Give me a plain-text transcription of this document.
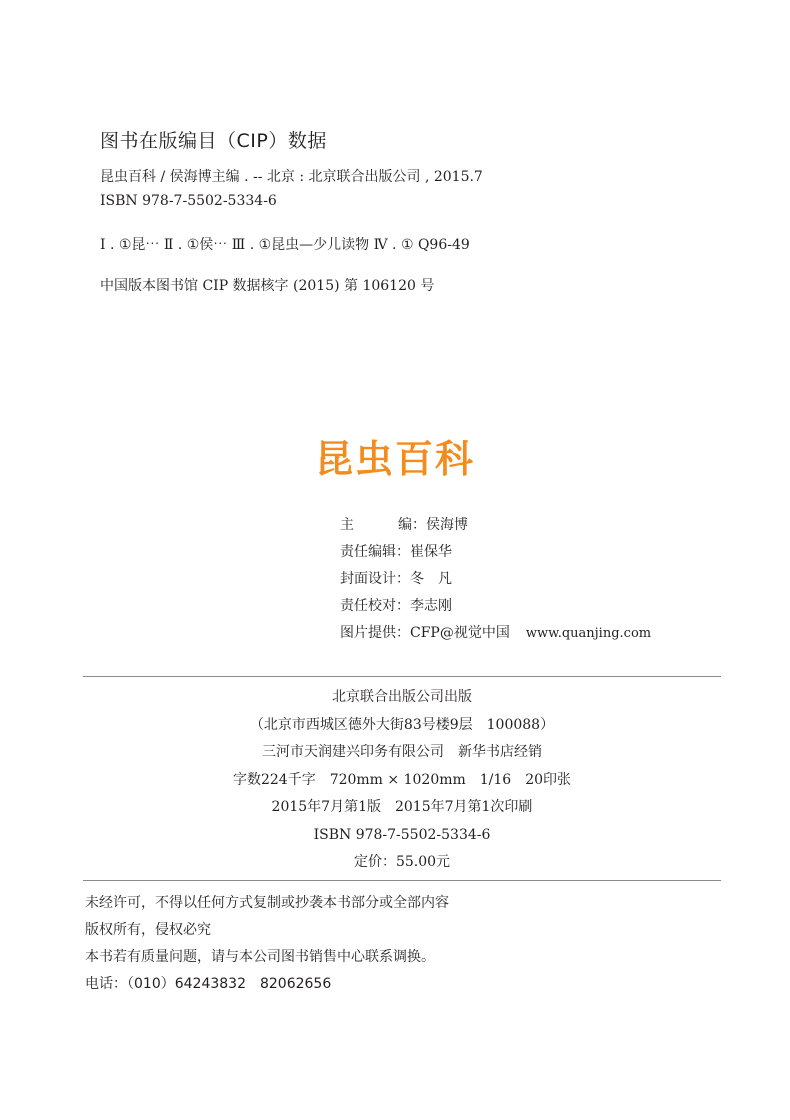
图书在版编目（CIP）数据
昆虫百科 / 侯海博主编 . -- 北京 : 北京联合出版公司 , 2015.7
ISBN 978-7-5502-5334-6
Ⅰ . ①昆⋯ Ⅱ . ①侯⋯ Ⅲ . ①昆虫—少儿读物 Ⅳ . ① Q96-49
中国版本图书馆 CIP 数据核字 (2015) 第 106120 号
昆虫百科
主	编 ： 侯海博
责任编辑： 崔保华
封面设计： 冬　凡
责任校对： 李志刚
图片提供： CFP@视觉中国 www.quanjing.com
北京联合出版公司出版
（北京市西城区德外大街83号楼9层　100088）
三河市天润建兴印务有限公司　新华书店经销
字数224千字　720mm × 1020mm　1/16　20印张
2015年7月第1版　2015年7月第1次印刷
ISBN 978-7-5502-5334-6
定价：55.00元
未经许可，不得以任何方式复制或抄袭本书部分或全部内容
版权所有，侵权必究
本书若有质量问题，请与本公司图书销售中心联系调换。
电话：（010）64243832　82062656
